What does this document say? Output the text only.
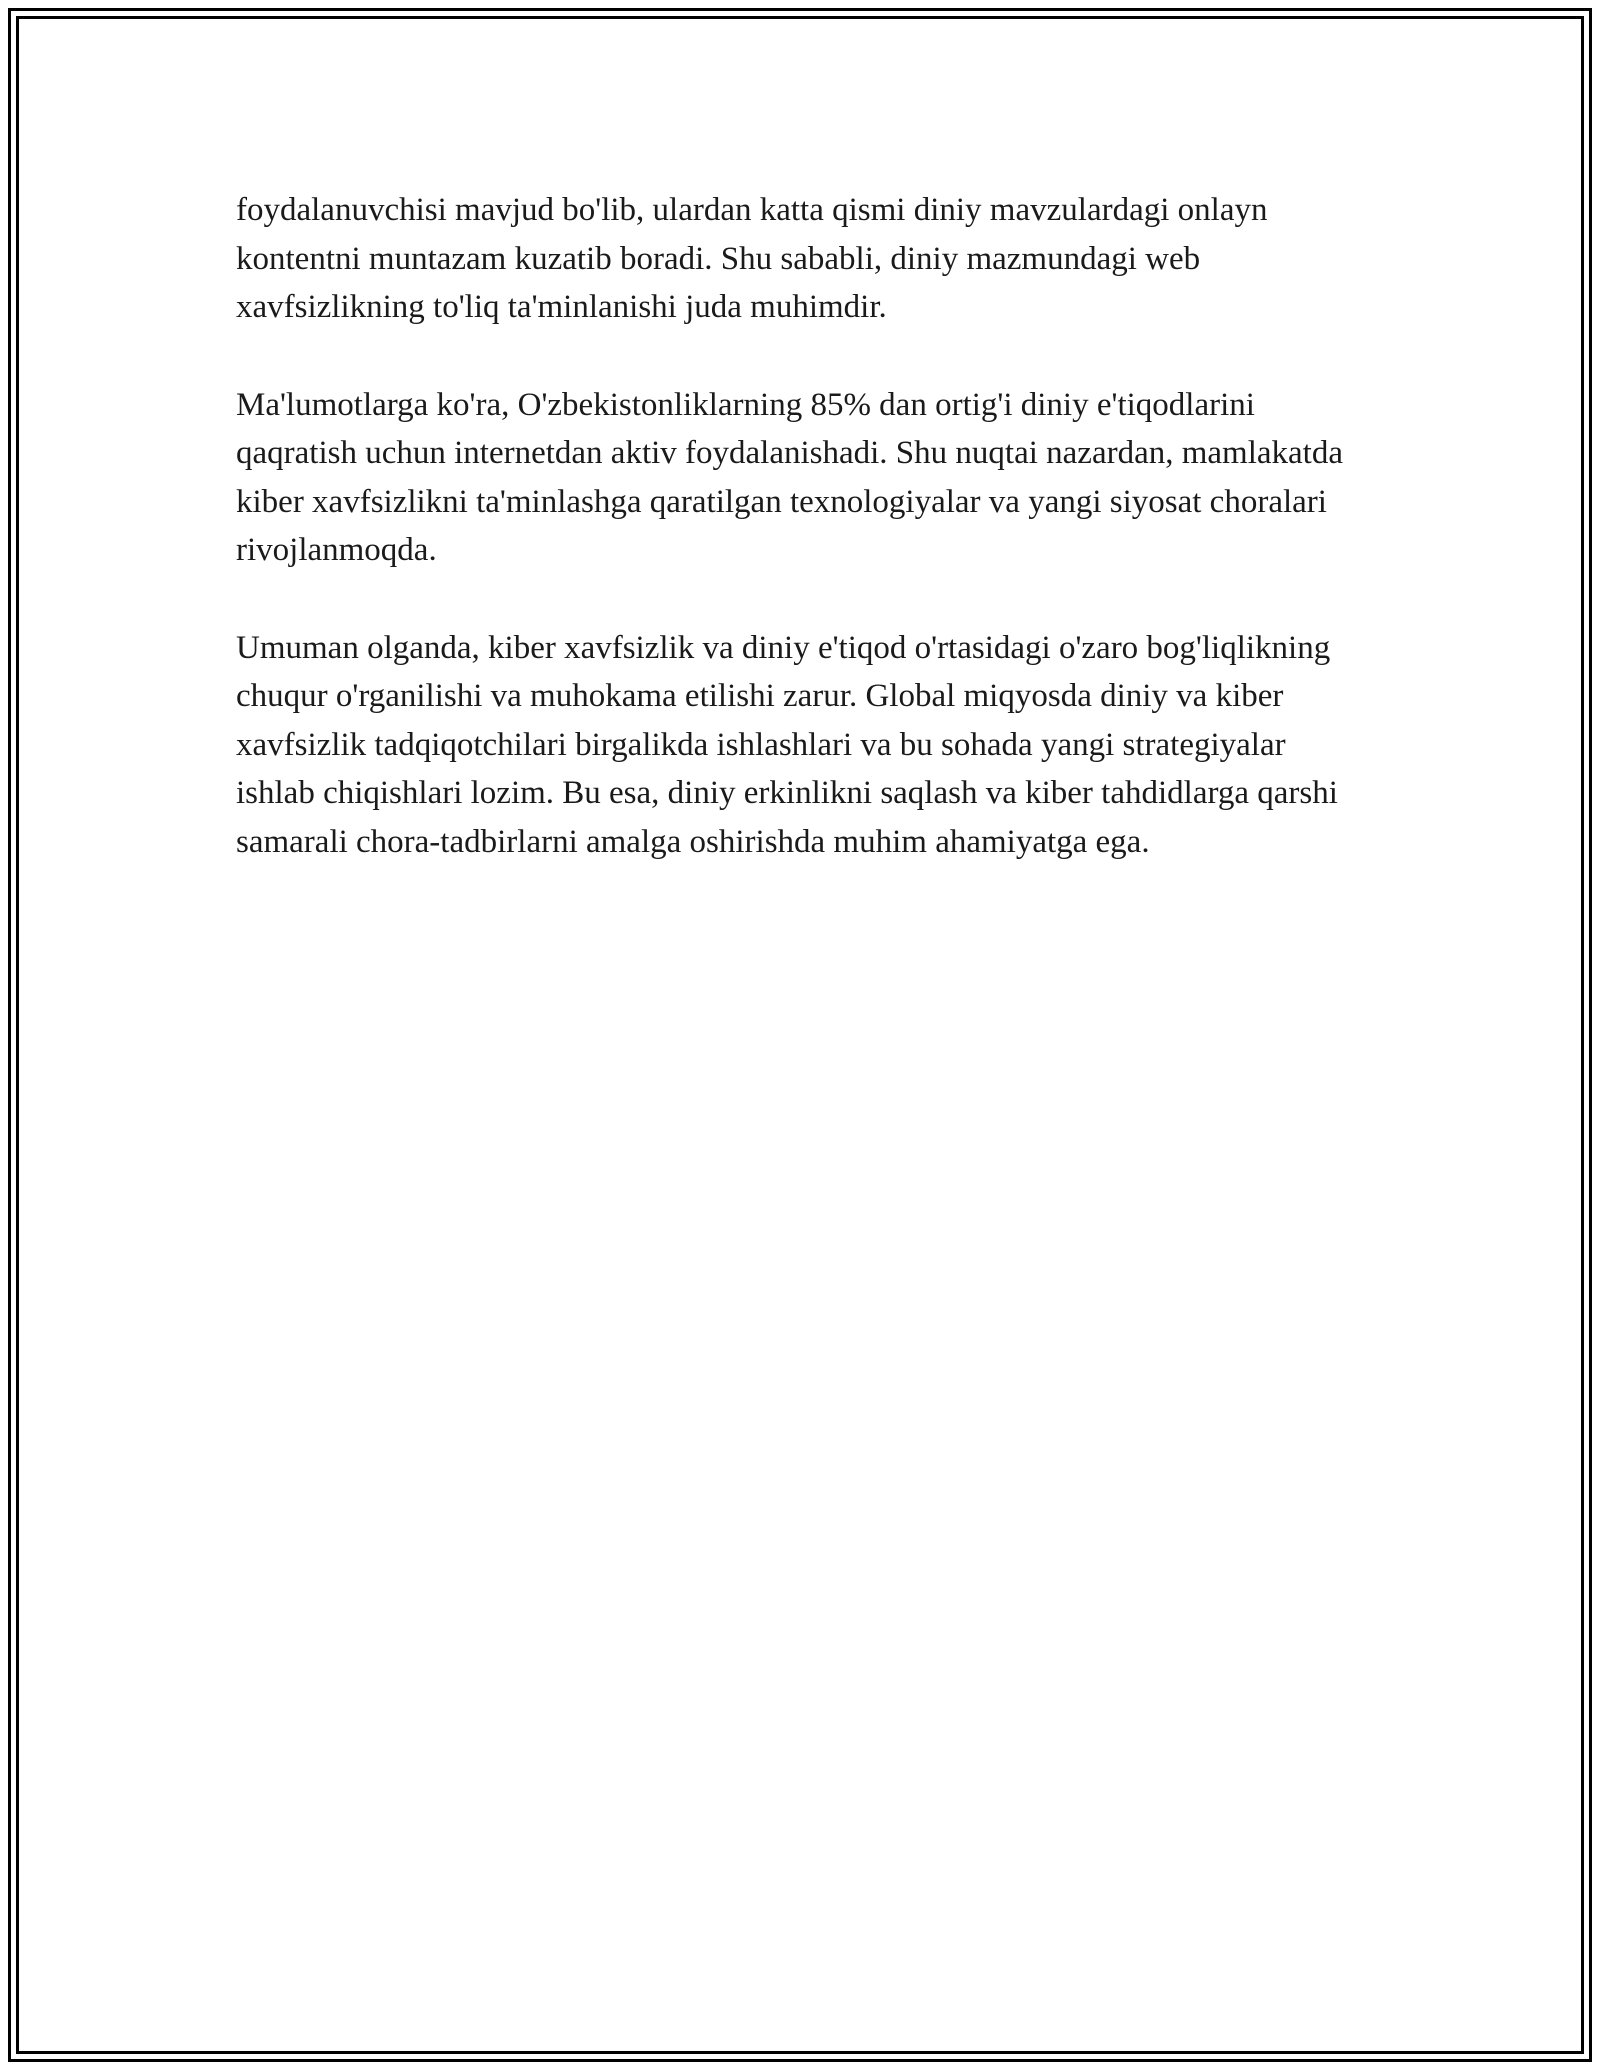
foydalanuvchisi mavjud bo'lib, ulardan katta qismi diniy mavzulardagi onlayn kontentni muntazam kuzatib boradi. Shu sababli, diniy mazmundagi web xavfsizlikning to'liq ta'minlanishi juda muhimdir.

Ma'lumotlarga ko'ra, O'zbekistonliklarning 85% dan ortig'i diniy e'tiqodlarini qaqratish uchun internetdan aktiv foydalanishadi. Shu nuqtai nazardan, mamlakatda kiber xavfsizlikni ta'minlashga qaratilgan texnologiyalar va yangi siyosat choralari rivojlanmoqda.

Umuman olganda, kiber xavfsizlik va diniy e'tiqod o'rtasidagi o'zaro bog'liqlikning chuqur o'rganilishi va muhokama etilishi zarur. Global miqyosda diniy va kiber xavfsizlik tadqiqotchilari birgalikda ishlashlari va bu sohada yangi strategiyalar ishlab chiqishlari lozim. Bu esa, diniy erkinlikni saqlash va kiber tahdidlarga qarshi samarali chora-tadbirlarni amalga oshirishda muhim ahamiyatga ega.
